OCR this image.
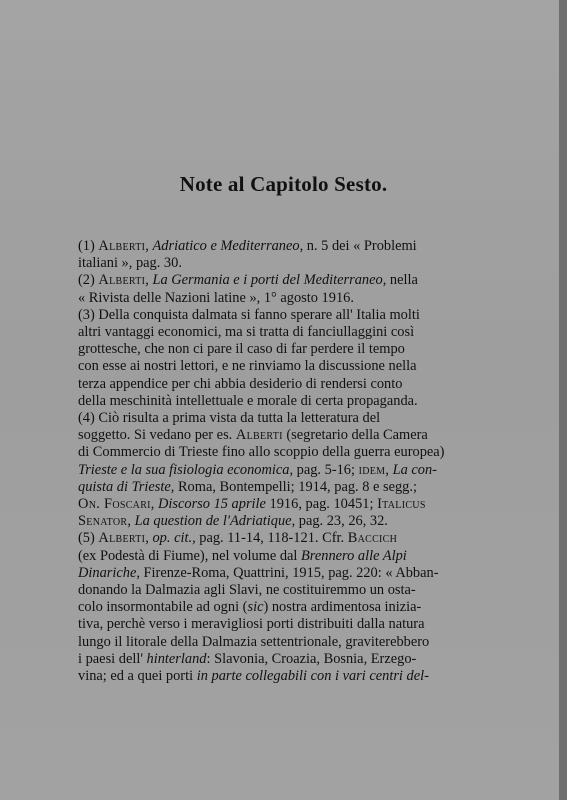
Note al Capitolo Sesto.
(1) Alberti, Adriatico e Mediterraneo, n. 5 dei « Problemi
italiani », pag. 30.
(2) Alberti, La Germania e i porti del Mediterraneo, nella
« Rivista delle Nazioni latine », 1° agosto 1916.
(3) Della conquista dalmata si fanno sperare all' Italia molti
altri vantaggi economici, ma si tratta di fanciullaggini così
grottesche, che non ci pare il caso di far perdere il tempo
con esse ai nostri lettori, e ne rinviamo la discussione nella
terza appendice per chi abbia desiderio di rendersi conto
della meschinità intellettuale e morale di certa propaganda.
(4) Ciò risulta a prima vista da tutta la letteratura del
soggetto. Si vedano per es. Alberti (segretario della Camera
di Commercio di Trieste fino allo scoppio della guerra europea)
Trieste e la sua fisiologia economica, pag. 5-16; idem, La con-
quista di Trieste, Roma, Bontempelli; 1914, pag. 8 e segg.;
On. Foscari, Discorso 15 aprile 1916, pag. 10451; Italicus
Senator, La question de l'Adriatique, pag. 23, 26, 32.
(5) Alberti, op. cit., pag. 11-14, 118-121. Cfr. Baccich
(ex Podestà di Fiume), nel volume dal Brennero alle Alpi
Dinariche, Firenze-Roma, Quattrini, 1915, pag. 220: « Abban-
donando la Dalmazia agli Slavi, ne costituiremmo un osta-
colo insormontabile ad ogni (sic) nostra ardimentosa inizia-
tiva, perchè verso i meravigliosi porti distribuiti dalla natura
lungo il litorale della Dalmazia settentrionale, graviterebbero
i paesi dell' hinterland: Slavonia, Croazia, Bosnia, Erzego-
vina; ed a quei porti in parte collegabili con i vari centri del-
